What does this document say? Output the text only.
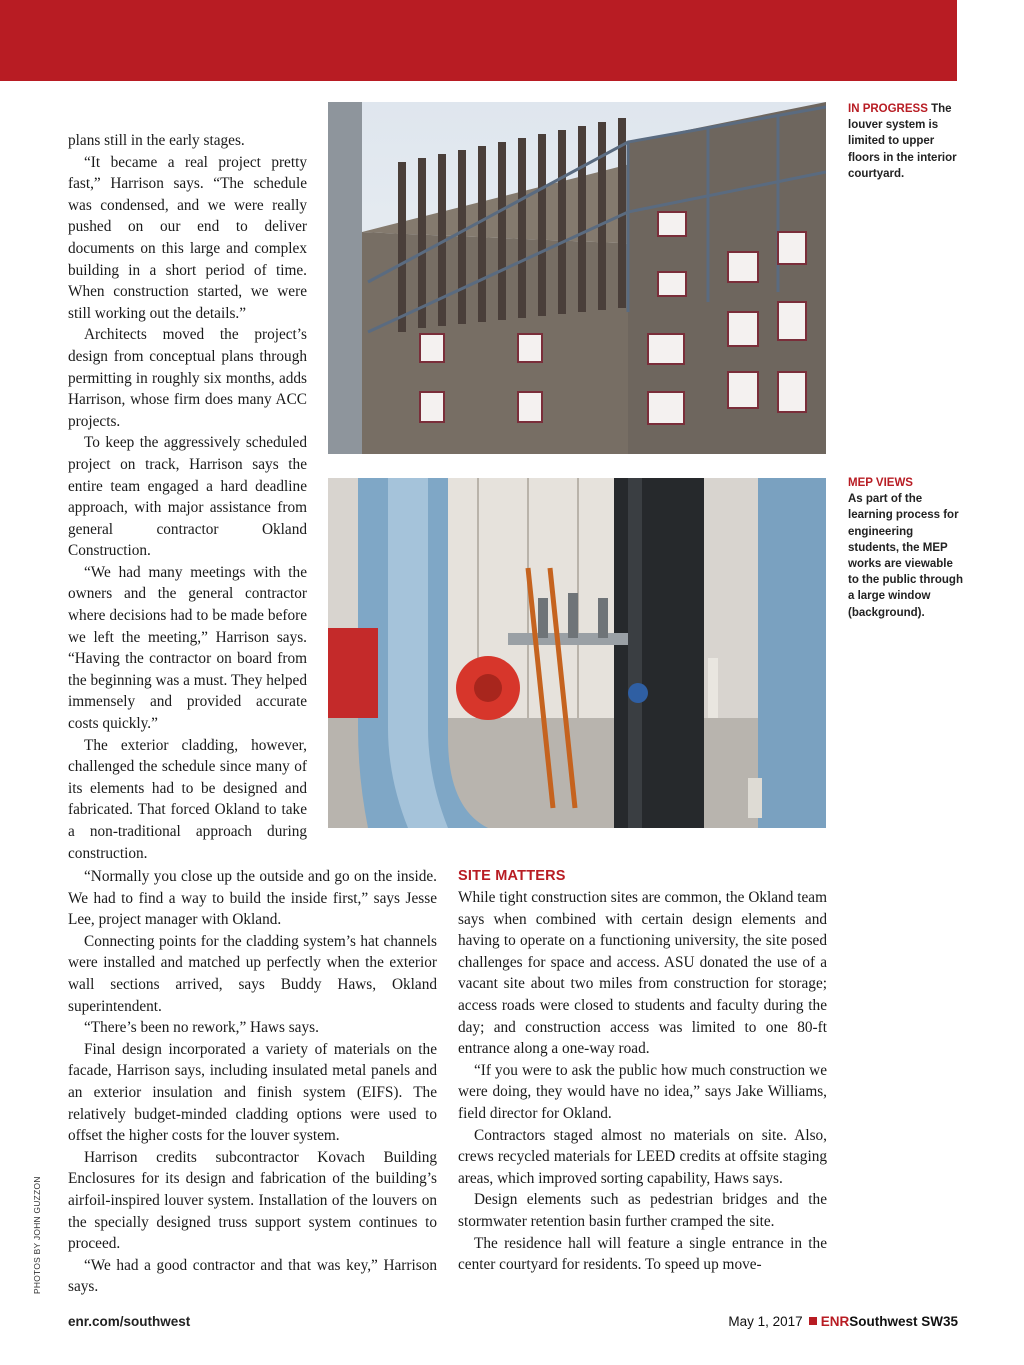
plans still in the early stages.

“It became a real project pretty fast,” Harrison says. “The schedule was condensed, and we were really pushed on our end to deliver documents on this large and complex building in a short period of time. When construction started, we were still working out the details.”

Architects moved the project’s design from conceptual plans through permitting in roughly six months, adds Harrison, whose firm does many ACC projects.

To keep the aggressively scheduled project on track, Harrison says the entire team engaged a hard deadline approach, with major assistance from general contractor Okland Construction.

“We had many meetings with the owners and the general contractor where decisions had to be made before we left the meeting,” Harrison says. “Having the contractor on board from the beginning was a must. They helped immensely and provided accurate costs quickly.”

The exterior cladding, however, challenged the schedule since many of its elements had to be designed and fabricated. That forced Okland to take a non-traditional approach during construction.

“Normally you close up the outside and go on the inside. We had to find a way to build the inside first,” says Jesse Lee, project manager with Okland.

Connecting points for the cladding system’s hat channels were installed and matched up perfectly when the exterior wall sections arrived, says Buddy Haws, Okland superintendent.

“There’s been no rework,” Haws says.

Final design incorporated a variety of materials on the facade, Harrison says, including insulated metal panels and an exterior insulation and finish system (EIFS). The relatively budget-minded cladding options were used to offset the higher costs for the louver system.

Harrison credits subcontractor Kovach Building Enclosures for its design and fabrication of the building’s airfoil-inspired louver system. Installation of the louvers on the specially designed truss support system continues to proceed.

“We had a good contractor and that was key,” Harrison says.

SITE MATTERS

While tight construction sites are common, the Okland team says when combined with certain design elements and having to operate on a functioning university, the site posed challenges for space and access. ASU donated the use of a vacant site about two miles from construction for storage; access roads were closed to students and faculty during the day; and construction access was limited to one 80-ft entrance along a one-way road.

“If you were to ask the public how much construction we were doing, they would have no idea,” says Jake Williams, field director for Okland.

Contractors staged almost no materials on site. Also, crews recycled materials for LEED credits at offsite staging areas, which improved sorting capability, Haws says.

Design elements such as pedestrian bridges and the stormwater retention basin further cramped the site.

The residence hall will feature a single entrance in the center courtyard for residents. To speed up move-

IN PROGRESS The louver system is limited to upper floors in the interior courtyard.
MEP VIEWS
As part of the learning process for engineering students, the MEP works are viewable to the public through a large window (background).
PHOTOS BY JOHN GUZZON
enr.com/southwest	May 1, 2017 ENRSouthwest SW35
